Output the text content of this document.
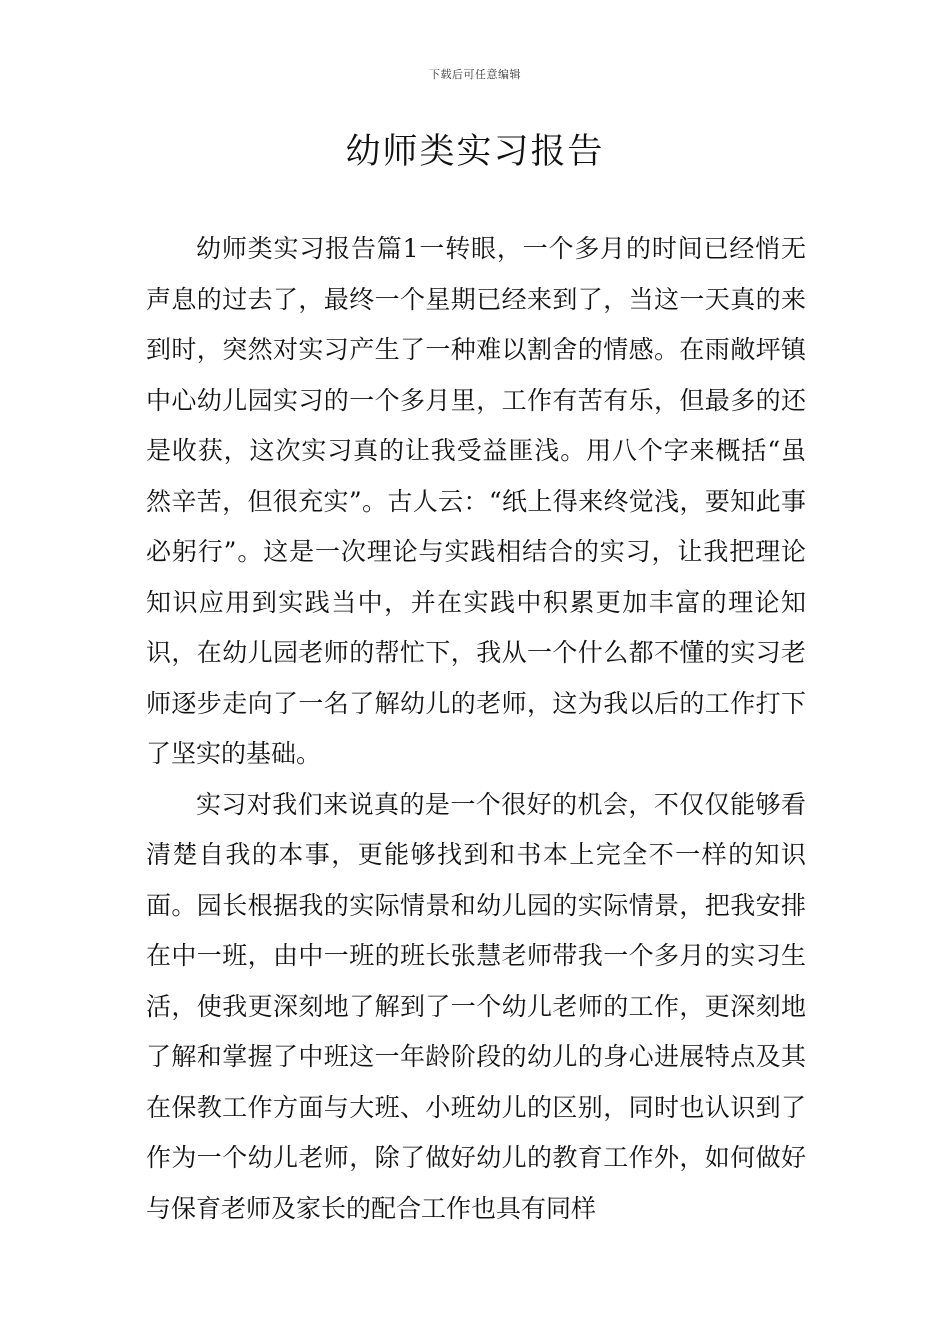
下载后可任意编辑
幼师类实习报告

幼师类实习报告篇1一转眼，一个多月的时间已经悄无声息的过去了，最终一个星期已经来到了，当这一天真的来到时，突然对实习产生了一种难以割舍的情感。在雨敞坪镇中心幼儿园实习的一个多月里，工作有苦有乐，但最多的还是收获，这次实习真的让我受益匪浅。用八个字来概括“虽然辛苦，但很充实”。古人云：“纸上得来终觉浅，要知此事必躬行”。这是一次理论与实践相结合的实习，让我把理论知识应用到实践当中，并在实践中积累更加丰富的理论知识，在幼儿园老师的帮忙下，我从一个什么都不懂的实习老师逐步走向了一名了解幼儿的老师，这为我以后的工作打下了坚实的基础。

实习对我们来说真的是一个很好的机会，不仅仅能够看清楚自我的本事，更能够找到和书本上完全不一样的知识面。园长根据我的实际情景和幼儿园的实际情景，把我安排在中一班，由中一班的班长张慧老师带我一个多月的实习生活，使我更深刻地了解到了一个幼儿老师的工作，更深刻地了解和掌握了中班这一年龄阶段的幼儿的身心进展特点及其在保教工作方面与大班、小班幼儿的区别，同时也认识到了作为一个幼儿老师，除了做好幼儿的教育工作外，如何做好与保育老师及家长的配合工作也具有同样
